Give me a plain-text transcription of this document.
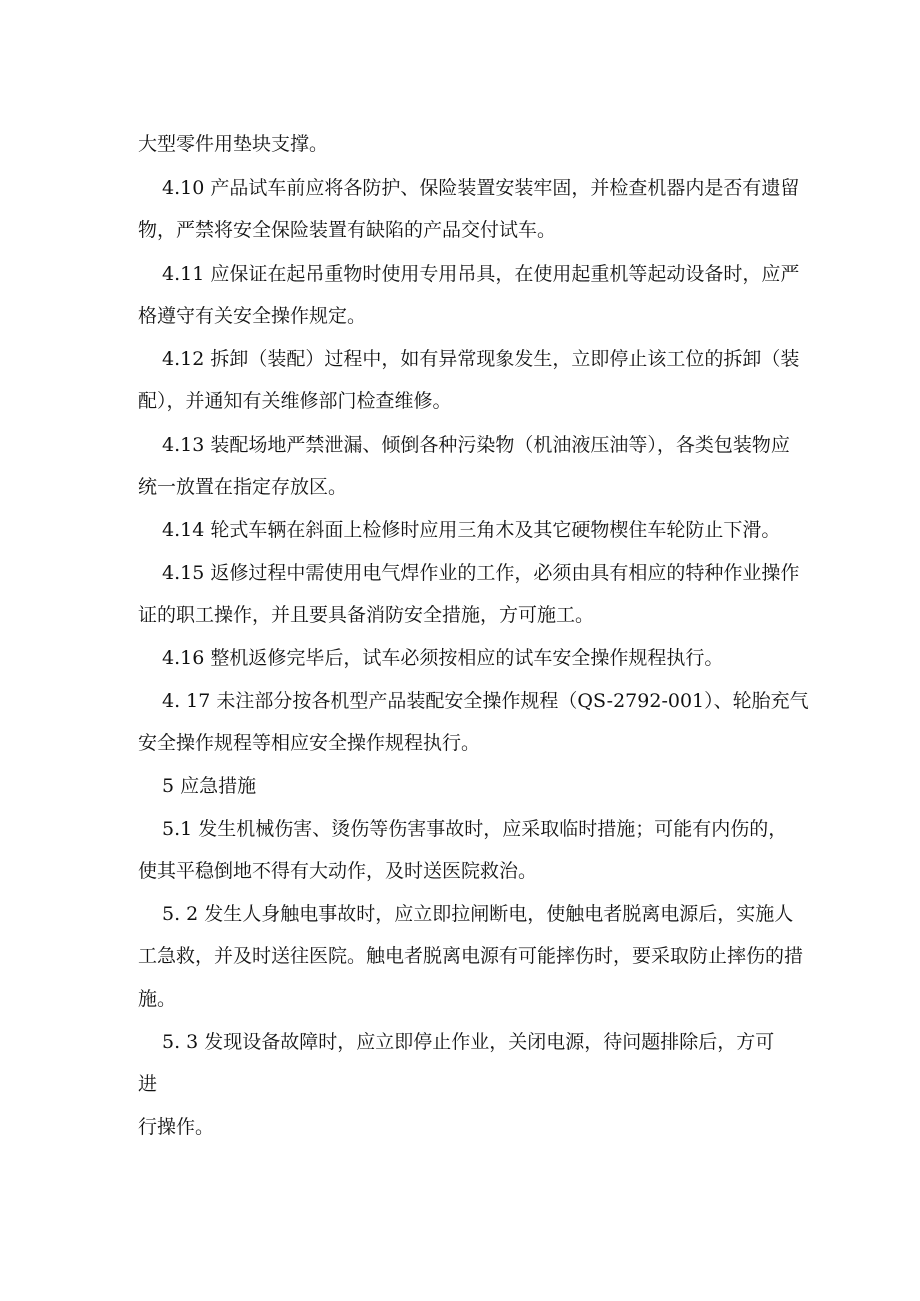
大型零件用垫块支撑。
4.10 产品试车前应将各防护、保险装置安装牢固，并检查机器内是否有遗留
物，严禁将安全保险装置有缺陷的产品交付试车。
4.11 应保证在起吊重物时使用专用吊具，在使用起重机等起动设备时，应严
格遵守有关安全操作规定。
4.12 拆卸（装配）过程中，如有异常现象发生，立即停止该工位的拆卸（装
配），并通知有关维修部门检查维修。
4.13 装配场地严禁泄漏、倾倒各种污染物（机油液压油等），各类包装物应
统一放置在指定存放区。
4.14 轮式车辆在斜面上检修时应用三角木及其它硬物楔住车轮防止下滑。
4.15 返修过程中需使用电气焊作业的工作，必须由具有相应的特种作业操作
证的职工操作，并且要具备消防安全措施，方可施工。
4.16 整机返修完毕后，试车必须按相应的试车安全操作规程执行。
4. 17 未注部分按各机型产品装配安全操作规程（QS-2792-001）、轮胎充气
安全操作规程等相应安全操作规程执行。
5 应急措施
5.1 发生机械伤害、烫伤等伤害事故时，应采取临时措施；可能有内伤的，
使其平稳倒地不得有大动作，及时送医院救治。
5. 2 发生人身触电事故时，应立即拉闸断电，使触电者脱离电源后，实施人
工急救，并及时送往医院。触电者脱离电源有可能摔伤时，要采取防止摔伤的措
施。
5. 3 发现设备故障时，应立即停止作业，关闭电源，待问题排除后，方可
进
行操作。
